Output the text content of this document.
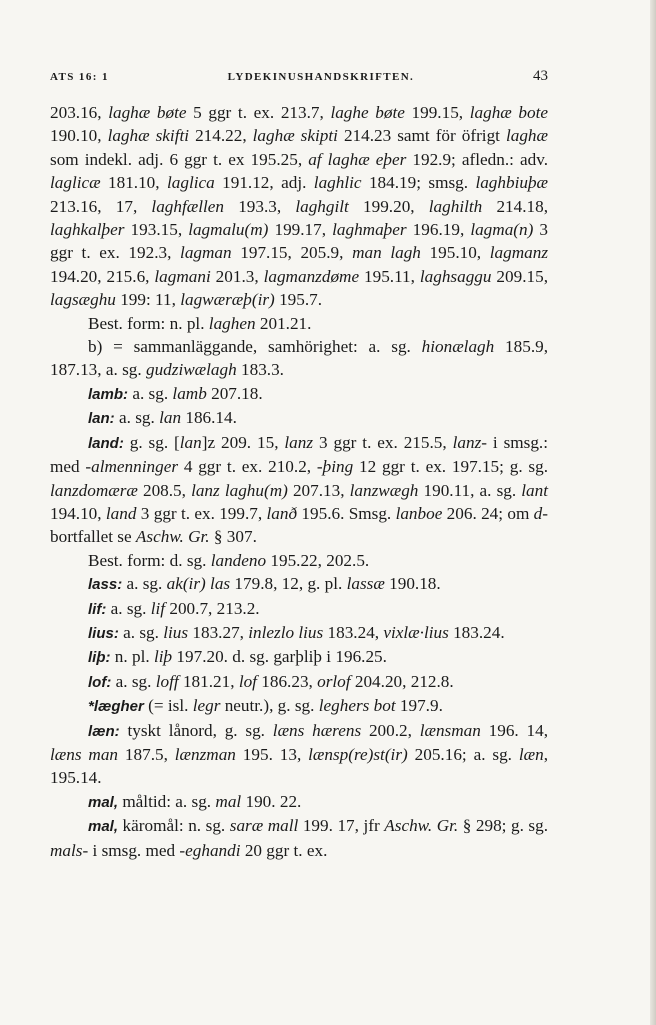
ATS 16: 1	LYDEKINUSHANDSKRIFTEN.	43

203.16, laghæ bøte 5 ggr t. ex. 213.7, laghe bøte 199.15, laghæ bote 190.10, laghæ skifti 214.22, laghæ skipti 214.23 samt för öfrigt laghæ som indekl. adj. 6 ggr t. ex 195.25, af laghæ eþer 192.9; afledn.: adv. laglicæ 181.10, laglica 191.12, adj. laghlic 184.19; smsg. laghbiuþæ 213.16, 17, laghfællen 193.3, laghgilt 199.20, laghilth 214.18, laghkalþer 193.15, lagmalu(m) 199.17, laghmaþer 196.19, lagma(n) 3 ggr t. ex. 192.3, lagman 197.15, 205.9, man lagh 195.10, lagmanz 194.20, 215.6, lagmani 201.3, lagmanzdøme 195.11, laghsaggu 209.15, lagsæghu 199: 11, lagwæræþ(ir) 195.7.

Best. form: n. pl. laghen 201.21.

b) = sammanläggande, samhörighet: a. sg. hionælagh 185.9, 187.13, a. sg. gudziwælagh 183.3.

lamb: a. sg. lamb 207.18.

lan: a. sg. lan 186.14.

land: g. sg. [lan]z 209. 15, lanz 3 ggr t. ex. 215.5, lanz- i smsg.: med -almenninger 4 ggr t. ex. 210.2, -þing 12 ggr t. ex. 197.15; g. sg. lanzdomæræ 208.5, lanz laghu(m) 207.13, lanzwægh 190.11, a. sg. lant 194.10, land 3 ggr t. ex. 199.7, lanð 195.6. Smsg. lanboe 206. 24; om d-bortfallet se Aschw. Gr. § 307.

Best. form: d. sg. landeno 195.22, 202.5.

lass: a. sg. ak(ir) las 179.8, 12, g. pl. lassæ 190.18.

lif: a. sg. lif 200.7, 213.2.

lius: a. sg. lius 183.27, inlezlo lius 183.24, vixlæ·lius 183.24.

liþ: n. pl. liþ 197.20. d. sg. garþliþ i 196.25.

lof: a. sg. loff 181.21, lof 186.23, orlof 204.20, 212.8.

*lægher (= isl. legr neutr.), g. sg. leghers bot 197.9.

læn: tyskt lånord, g. sg. læns hærens 200.2, lænsman 196. 14, læns man 187.5, lænzman 195. 13, lænsp(re)st(ir) 205.16; a. sg. læn, 195.14.

mal, måltid: a. sg. mal 190. 22.

mal, käromål: n. sg. saræ mall 199. 17, jfr Aschw. Gr. § 298; g. sg. mals- i smsg. med -eghandi 20 ggr t. ex.
